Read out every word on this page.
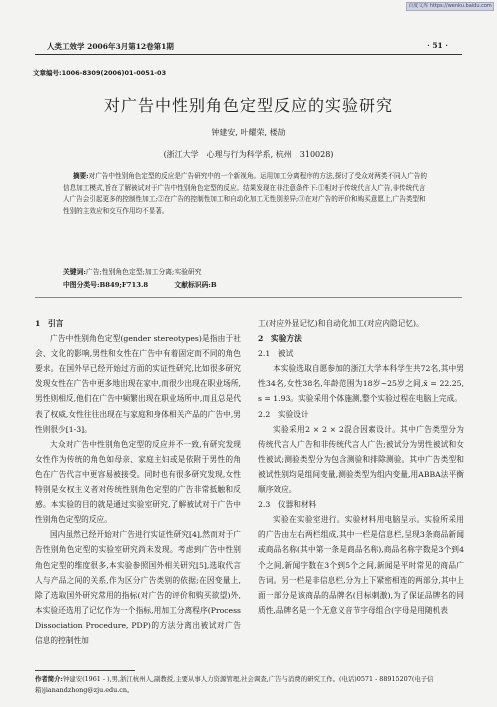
百度文库 https://wenku.baidu.com
人类工效学 2006年3月第12卷第1期	· 51 ·
文章编号:1006-8309(2006)01-0051-03
对广告中性别角色定型反应的实验研究
钟建安, 叶耀荣, 楼劼
(浙江大学　心理与行为科学系, 杭州　310028)

摘要:对广告中性别角色定型的反应是广告研究中的一个新视角。运用加工分离程序的方法,探讨了受众对两类不同人广告的信息加工模式,旨在了解被试对于广告中性别角色定型的反应。结果发现在非注意条件下:①相对于传统代言人广告,非传统代言人广告会引起更多的控制性加工;②在广告的控制性加工和自动化加工无性别差异;③在对广告的评价和购买意愿上,广告类型和性别的主效应和交互作用均不显著。

关键词:广告;性别角色定型;加工分离;实验研究
中图分类号:B849;F713.8	文献标识码:B

1　引言

广告中性别角色定型(gender stereotypes)是指由于社会、文化的影响,男性和女性在广告中有着固定而不同的角色要求。在国外早已经开始过方面的实证性研究,比如很多研究发现女性在广告中更多地出现在家中,而很少出现在职业场所,男性则相反,他们在广告中频繁出现在职业场所中,而且总是代表了权威,女性往往出现在与家庭和身体相关产品的广告中,男性则很少[1-3]。

大众对广告中性别角色定型的反应并不一致,有研究发现女性作为传统的角色如母亲、家庭主妇或是依附于男性的角色在广告代言中更容易被接受。同时也有很多研究发现,女性特别是女权主义者对传统性别角色定型的广告非常抵触和反感。本实验的目的就是通过实验室研究,了解被试对于广告中性别角色定型的反应。

国内虽然已经开始对广告进行实证性研究[4],然而对于广告性别角色定型的实验室研究尚未发现。考虑到广告中性别角色定型的维度很多,本实验参照国外相关研究[5],选取代言人与产品之间的关系,作为区分广告类别的依据;在因变量上,除了选取国外研究常用的指标(对广告的评价和购买欲望)外,本实验还选用了记忆作为一个指标,用加工分离程序(Process Dissociation Procedure, PDP)的方法分离出被试对广告信息的控制性加

工(对应外显记忆)和自动化加工(对应内隐记忆)。

2　实验方法

2.1　被试

本实验选取自愿参加的浙江大学本科学生共72名,其中男性34名,女性38名,年龄范围为18岁~25岁之间,x̄ = 22.25, s = 1.93。实验采用个体施测,整个实验过程在电脑上完成。

2.2　实验设计

实验采用2 × 2 × 2混合因素设计。其中广告类型分为传统代言人广告和非传统代言人广告;被试分为男性被试和女性被试;测验类型分为包含测验和排除测验。其中广告类型和被试性别均是组间变量,测验类型为组内变量,用ABBA法平衡顺序效应。

2.3　仪器和材料

实验在实验室进行。实验材料用电脑呈示。实验所采用的广告由左右两栏组成,其中一栏是信息栏,呈现3条商品新闻或商品名称(其中第一条是商品名称),商品名称字数是3个到4个之间,新闻字数在3个到5个之间,新闻是平时常见的商品广告词。另一栏是非信息栏,分为上下紧密相连的两部分,其中上面一部分是该商品的品牌名(目标刺激),为了保证品牌名的同质性,品牌名是一个无意义音节字母组合(字母是用随机表

作者简介:钟建安(1961 - ),男,浙江杭州人,副教授,主要从事人力资源管理,社会调查,广告与消费的研究工作。(电话)0571 - 88915207(电子信箱)jianandzhong@zju.edu.cn。
